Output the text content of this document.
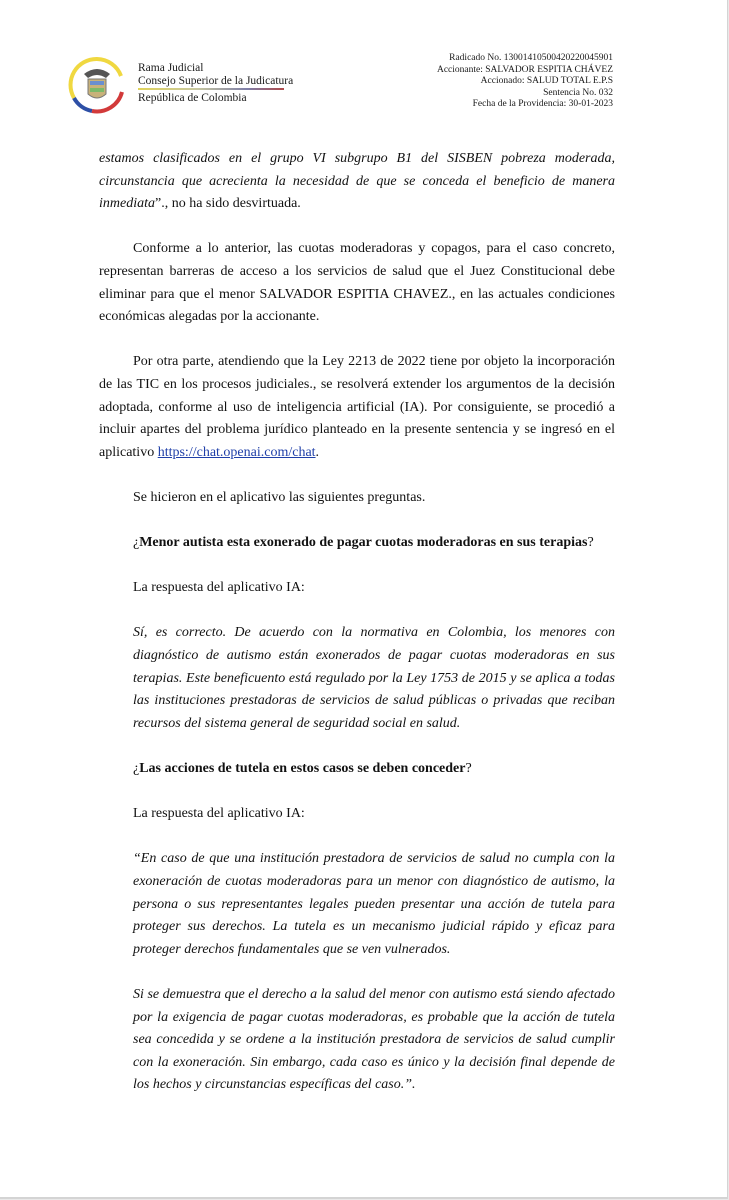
Rama Judicial
Consejo Superior de la Judicatura
República de Colombia
Radicado No. 13001410500420220045901
Accionante: SALVADOR ESPITIA CHÁVEZ
Accionado: SALUD TOTAL E.P.S
Sentencia No. 032
Fecha de la Providencia: 30-01-2023

estamos clasificados en el grupo VI subgrupo B1 del SISBEN pobreza moderada, circunstancia que acrecienta la necesidad de que se conceda el beneficio de manera inmediata”., no ha sido desvirtuada.

Conforme a lo anterior, las cuotas moderadoras y copagos, para el caso concreto, representan barreras de acceso a los servicios de salud que el Juez Constitucional debe eliminar para que el menor SALVADOR ESPITIA CHAVEZ., en las actuales condiciones económicas alegadas por la accionante.

Por otra parte, atendiendo que la Ley 2213 de 2022 tiene por objeto la incorporación de las TIC en los procesos judiciales., se resolverá extender los argumentos de la decisión adoptada, conforme al uso de inteligencia artificial (IA). Por consiguiente, se procedió a incluir apartes del problema jurídico planteado en la presente sentencia y se ingresó en el aplicativo https://chat.openai.com/chat.

Se hicieron en el aplicativo las siguientes preguntas.

¿Menor autista esta exonerado de pagar cuotas moderadoras en sus terapias?

La respuesta del aplicativo IA:

Sí, es correcto. De acuerdo con la normativa en Colombia, los menores con diagnóstico de autismo están exonerados de pagar cuotas moderadoras en sus terapias. Este beneficuento está regulado por la Ley 1753 de 2015 y se aplica a todas las instituciones prestadoras de servicios de salud públicas o privadas que reciban recursos del sistema general de seguridad social en salud.

¿Las acciones de tutela en estos casos se deben conceder?

La respuesta del aplicativo IA:

“En caso de que una institución prestadora de servicios de salud no cumpla con la exoneración de cuotas moderadoras para un menor con diagnóstico de autismo, la persona o sus representantes legales pueden presentar una acción de tutela para proteger sus derechos. La tutela es un mecanismo judicial rápido y eficaz para proteger derechos fundamentales que se ven vulnerados.

Si se demuestra que el derecho a la salud del menor con autismo está siendo afectado por la exigencia de pagar cuotas moderadoras, es probable que la acción de tutela sea concedida y se ordene a la institución prestadora de servicios de salud cumplir con la exoneración. Sin embargo, cada caso es único y la decisión final depende de los hechos y circunstancias específicas del caso.”.
